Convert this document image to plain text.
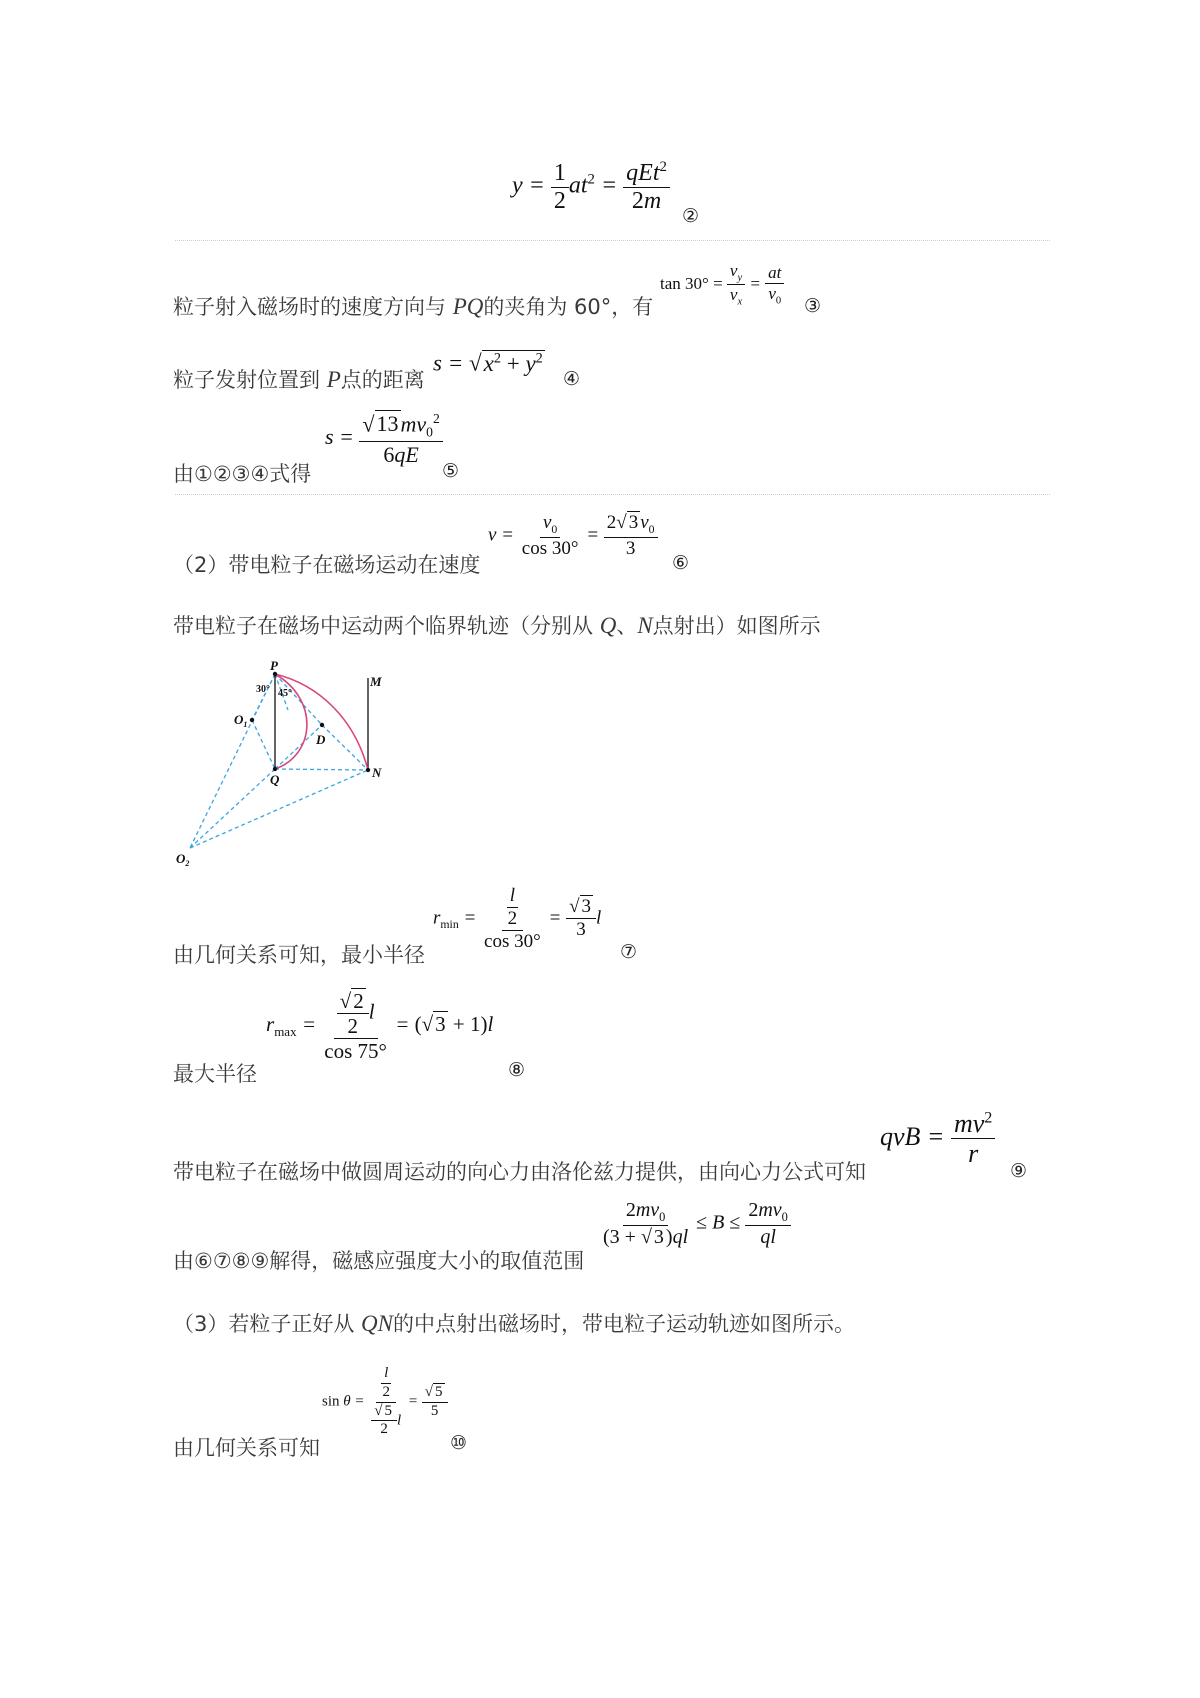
$y = \frac{1}{2} at^2 = \frac{qEt^2}{2m}$
②
粒子射入磁场时的速度方向与 PQ的夹角为 60°，有
$\tan 30^\circ = \frac{v_y}{v_x} = \frac{at}{v_0}$ ③
粒子发射位置到 P点的距离
$s = √x^2 + y^2$
④
由①②③④式得
$s = \frac{√13mv_0^2}{6qE}$
⑤
（2）带电粒子在磁场运动在速度
$v = \frac{v_0}{\cos 30^\circ} = \frac{2√ 3 v_0}{3}$
⑥
带电粒子在磁场中运动两个临界轨迹（分别从 Q、N点射出）如图所示
P
M
$O_1$
D
Q	N
$O_2$
30° 45°
由几何关系可知，最小半径
$r_{min} = \frac{\frac{l}{2}}{\cos 30^\circ} = \frac{√ 3}{3}$ l
⑦
最大半径
$r_{max} = \frac{\frac{√2}{2} l}{\cos 75^\circ} = (√3 + 1)l$
⑧
带电粒子在磁场中做圆周运动的向心力由洛伦兹力提供，由向心力公式可知
qvB = $\frac{mv^2}{r}$
⑨
由⑥⑦⑧⑨解得，磁感应强度大小的取值范围
$\frac{2mv_0}{(3 + √ 3 )ql} \le B \le \frac{2mv_0}{ql}$
（3）若粒子正好从 QN的中点射出磁场时，带电粒子运动轨迹如图所示。
由几何关系可知
$\sin \theta = \frac{\frac{l}{2}}{\frac{√ 5}{2} l} = \frac{√ 5}{5}$
⑩
